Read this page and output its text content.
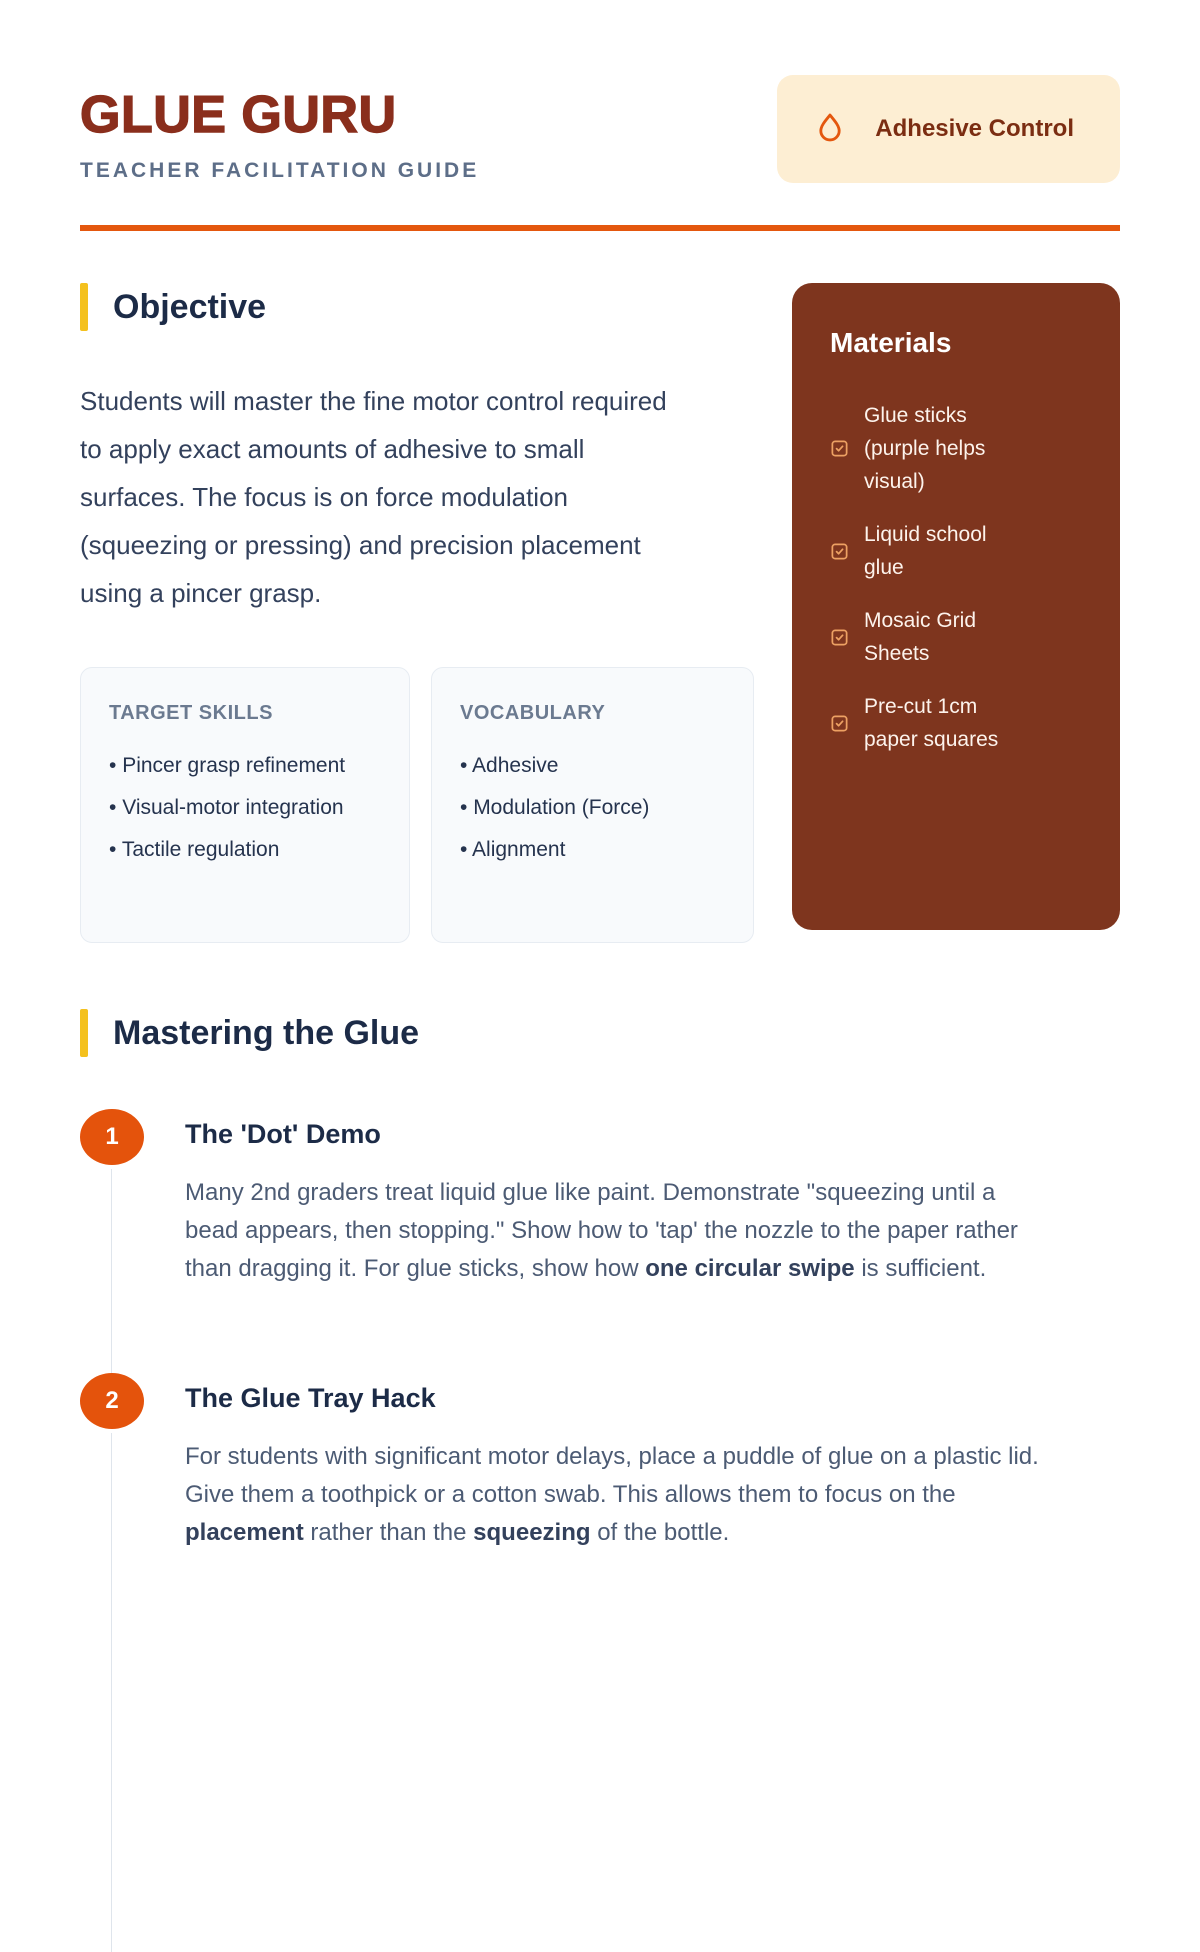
GLUE GURU
TEACHER FACILITATION GUIDE
Adhesive Control
Objective

Students will master the fine motor control required to apply exact amounts of adhesive to small surfaces. The focus is on force modulation (squeezing or pressing) and precision placement using a pincer grasp.

TARGET SKILLS
• Pincer grasp refinement
• Visual-motor integration
• Tactile regulation
VOCABULARY
• Adhesive
• Modulation (Force)
• Alignment
Materials
Glue sticks (purple helps visual)
Liquid school glue
Mosaic Grid Sheets
Pre-cut 1cm paper squares
Mastering the Glue
1	The 'Dot' Demo

Many 2nd graders treat liquid glue like paint. Demonstrate "squeezing until a bead appears, then stopping." Show how to 'tap' the nozzle to the paper rather than dragging it. For glue sticks, show how one circular swipe is sufficient.

2	The Glue Tray Hack

For students with significant motor delays, place a puddle of glue on a plastic lid. Give them a toothpick or a cotton swab. This allows them to focus on the placement rather than the squeezing of the bottle.
